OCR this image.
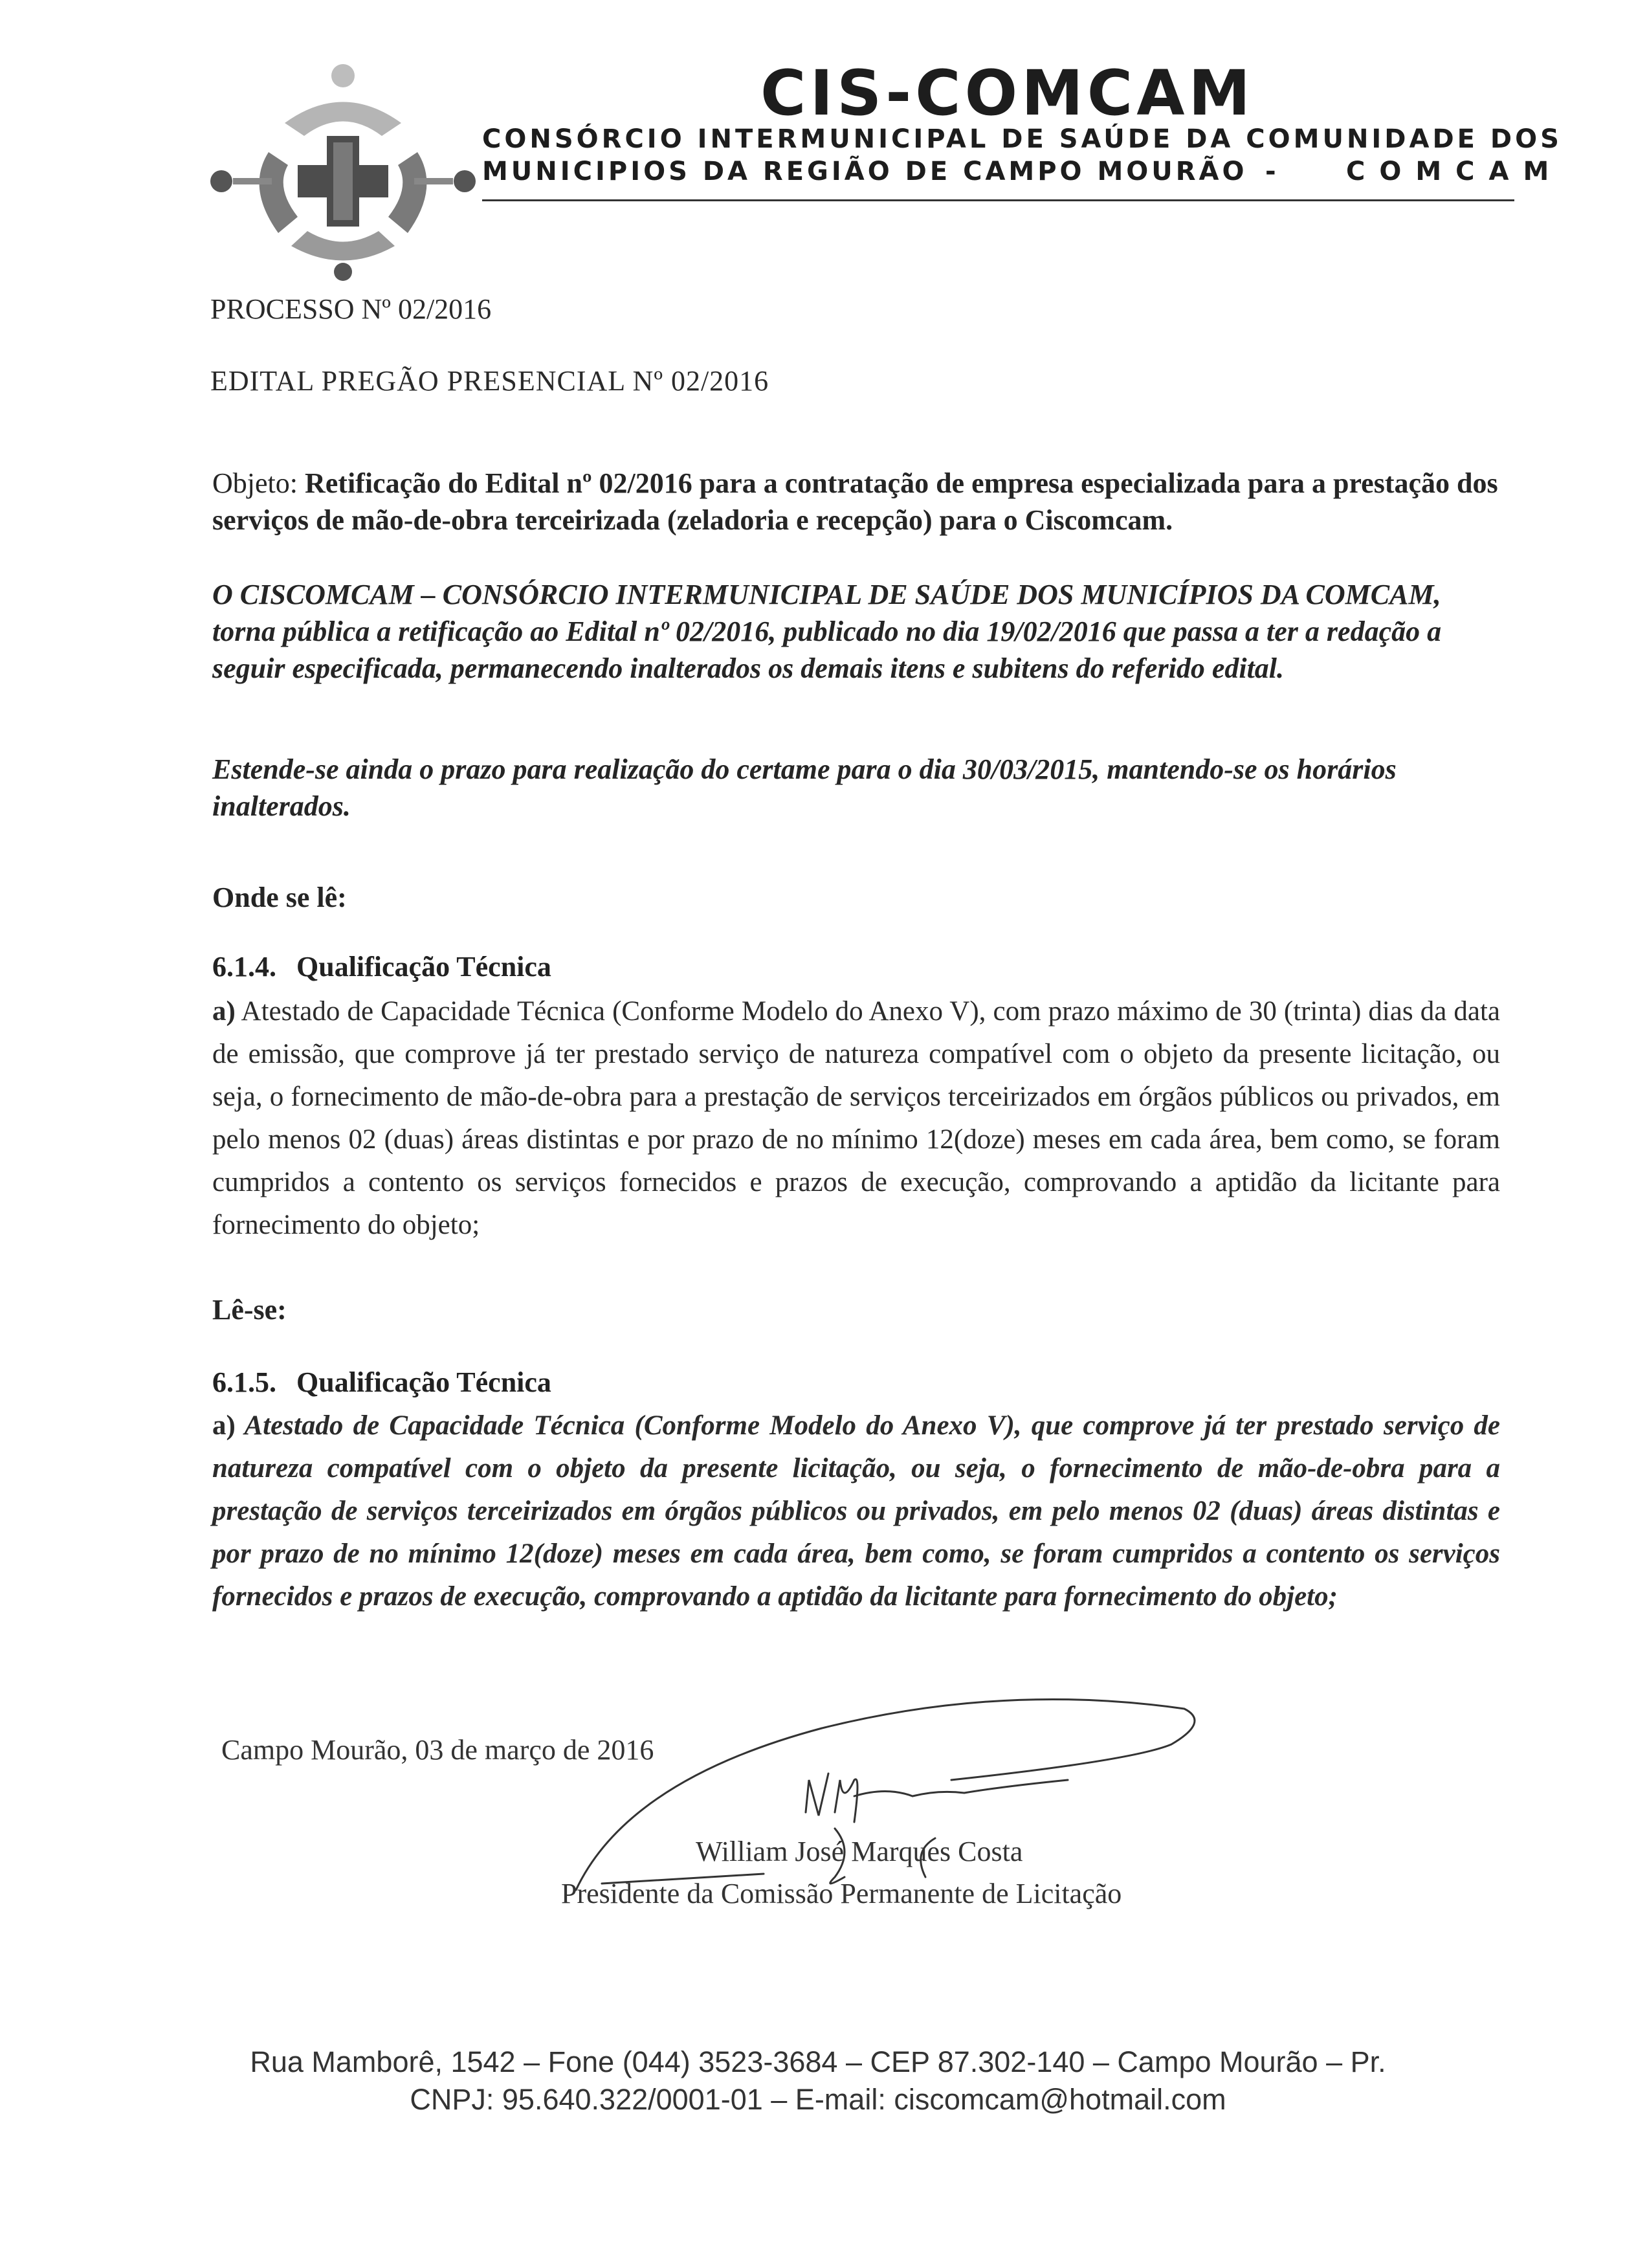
CIS-COMCAM
CONSÓRCIO INTERMUNICIPAL DE SAÚDE DA COMUNIDADE DOS
MUNICIPIOS DA REGIÃO DE CAMPO MOURÃO -	COMCAM
PROCESSO Nº 02/2016
EDITAL PREGÃO PRESENCIAL Nº 02/2016

Objeto: Retificação do Edital nº 02/2016 para a contratação de empresa especializada para a prestação dos serviços de mão-de-obra terceirizada (zeladoria e recepção) para o Ciscomcam.

O CISCOMCAM – CONSÓRCIO INTERMUNICIPAL DE SAÚDE DOS MUNICÍPIOS DA COMCAM, torna pública a retificação ao Edital nº 02/2016, publicado no dia 19/02/2016 que passa a ter a redação a seguir especificada, permanecendo inalterados os demais itens e subitens do referido edital.

Estende-se ainda o prazo para realização do certame para o dia 30/03/2015, mantendo-se os horários inalterados.

Onde se lê:

6.1.4. Qualificação Técnica

a) Atestado de Capacidade Técnica (Conforme Modelo do Anexo V), com prazo máximo de 30 (trinta) dias da data de emissão, que comprove já ter prestado serviço de natureza compatível com o objeto da presente licitação, ou seja, o fornecimento de mão-de-obra para a prestação de serviços terceirizados em órgãos públicos ou privados, em pelo menos 02 (duas) áreas distintas e por prazo de no mínimo 12(doze) meses em cada área, bem como, se foram cumpridos a contento os serviços fornecidos e prazos de execução, comprovando a aptidão da licitante para fornecimento do objeto;

Lê-se:

6.1.5. Qualificação Técnica

a) Atestado de Capacidade Técnica (Conforme Modelo do Anexo V), que comprove já ter prestado serviço de natureza compatível com o objeto da presente licitação, ou seja, o fornecimento de mão-de-obra para a prestação de serviços terceirizados em órgãos públicos ou privados, em pelo menos 02 (duas) áreas distintas e por prazo de no mínimo 12(doze) meses em cada área, bem como, se foram cumpridos a contento os serviços fornecidos e prazos de execução, comprovando a aptidão da licitante para fornecimento do objeto;

Campo Mourão, 03 de março de 2016

William José Marques Costa

Presidente da Comissão Permanente de Licitação

Rua Mamborê, 1542 – Fone (044) 3523-3684 – CEP 87.302-140 – Campo Mourão – Pr.

CNPJ: 95.640.322/0001-01 – E-mail: ciscomcam@hotmail.com
